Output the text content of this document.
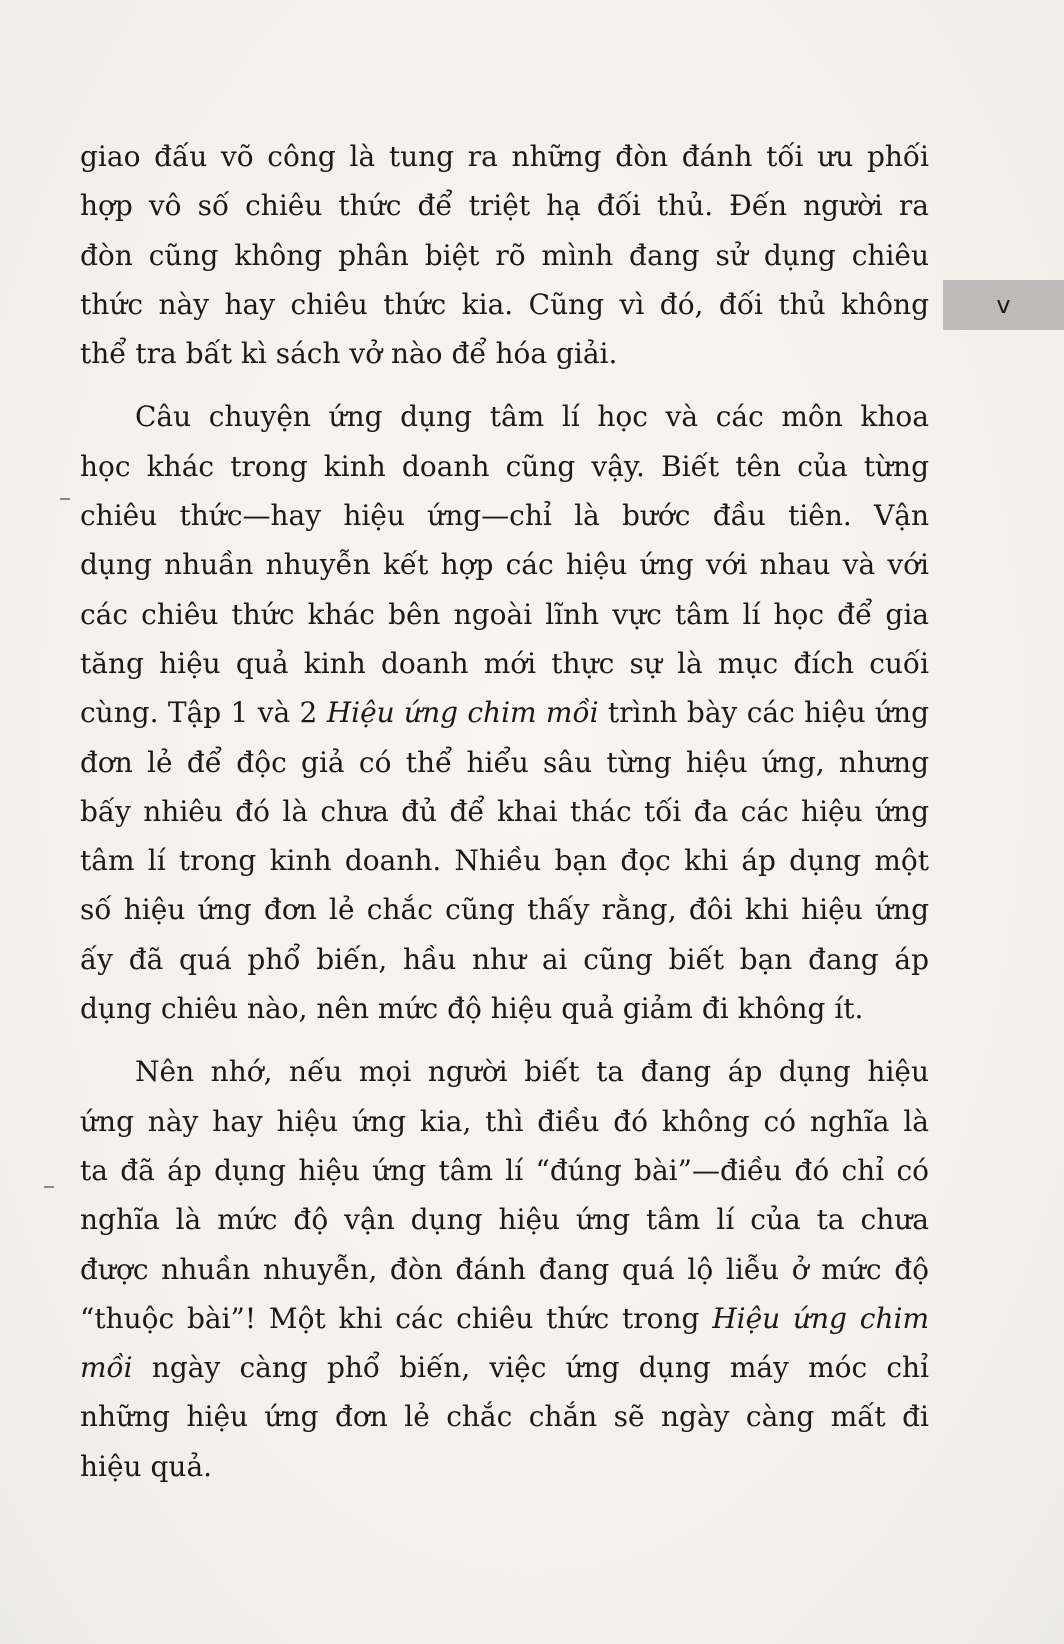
v

giao đấu võ công là tung ra những đòn đánh tối ưu phối
hợp vô số chiêu thức để triệt hạ đối thủ. Đến người ra
đòn cũng không phân biệt rõ mình đang sử dụng chiêu
thức này hay chiêu thức kia. Cũng vì đó, đối thủ không
thể tra bất kì sách vở nào để hóa giải.

Câu chuyện ứng dụng tâm lí học và các môn khoa
học khác trong kinh doanh cũng vậy. Biết tên của từng
chiêu thức—hay hiệu ứng—chỉ là bước đầu tiên. Vận
dụng nhuần nhuyễn kết hợp các hiệu ứng với nhau và với
các chiêu thức khác bên ngoài lĩnh vực tâm lí học để gia
tăng hiệu quả kinh doanh mới thực sự là mục đích cuối
cùng. Tập 1 và 2 Hiệu ứng chim mồi trình bày các hiệu ứng
đơn lẻ để độc giả có thể hiểu sâu từng hiệu ứng, nhưng
bấy nhiêu đó là chưa đủ để khai thác tối đa các hiệu ứng
tâm lí trong kinh doanh. Nhiều bạn đọc khi áp dụng một
số hiệu ứng đơn lẻ chắc cũng thấy rằng, đôi khi hiệu ứng
ấy đã quá phổ biến, hầu như ai cũng biết bạn đang áp
dụng chiêu nào, nên mức độ hiệu quả giảm đi không ít.

Nên nhớ, nếu mọi người biết ta đang áp dụng hiệu
ứng này hay hiệu ứng kia, thì điều đó không có nghĩa là
ta đã áp dụng hiệu ứng tâm lí “đúng bài”—điều đó chỉ có
nghĩa là mức độ vận dụng hiệu ứng tâm lí của ta chưa
được nhuần nhuyễn, đòn đánh đang quá lộ liễu ở mức độ
“thuộc bài”! Một khi các chiêu thức trong Hiệu ứng chim
mồi ngày càng phổ biến, việc ứng dụng máy móc chỉ
những hiệu ứng đơn lẻ chắc chắn sẽ ngày càng mất đi
hiệu quả.
